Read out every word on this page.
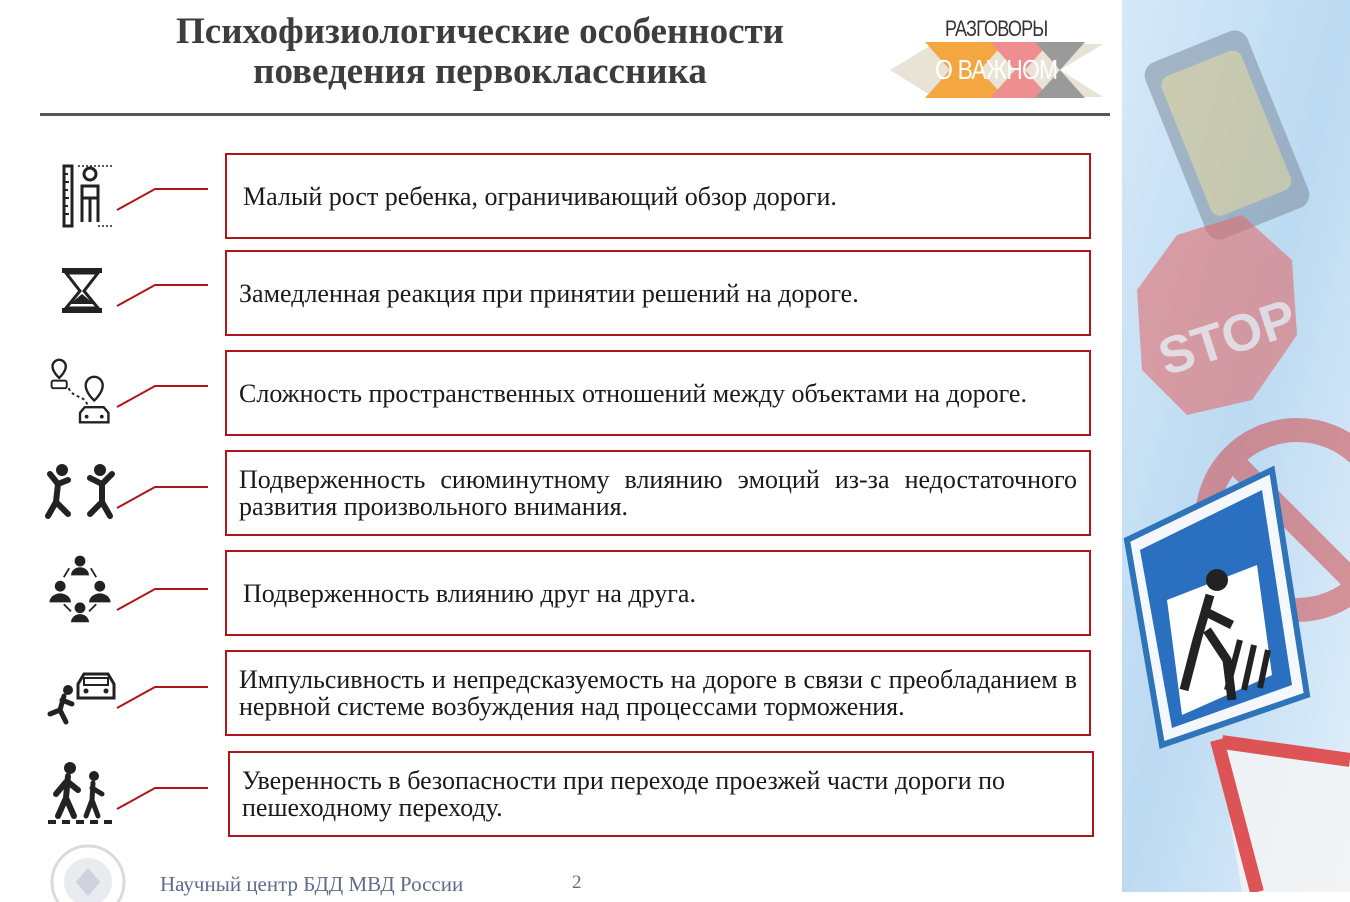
Психофизиологические особенности
поведения первоклассника
РАЗГОВОРЫ
О ВАЖНОМ
STOP
Малый рост ребенка, ограничивающий обзор дороги.
Замедленная реакция при принятии решений на дороге.
Сложность пространственных отношений между объектами на дороге.
Подверженность сиюминутному влиянию эмоций из-за недостаточного развития произвольного внимания.
Подверженность влиянию друг на друга.
Импульсивность и непредсказуемость на дороге в связи с преобладанием в нервной системе возбуждения над процессами торможения.
Уверенность в безопасности при переходе проезжей части дороги по пешеходному переходу.
Научный центр БДД МВД России	2
